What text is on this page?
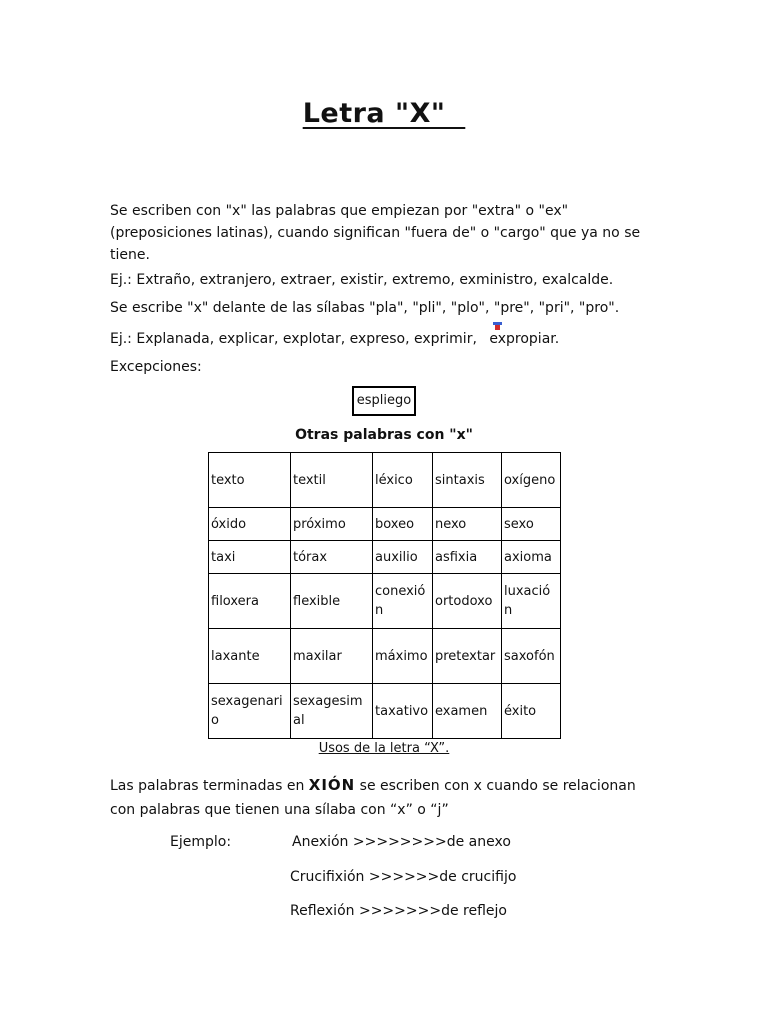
Letra "X"
Se escriben con "x" las palabras que empiezan por "extra" o "ex" (preposiciones latinas), cuando significan "fuera de" o "cargo" que ya no se tiene.
Ej.: Extraño, extranjero, extraer, existir, extremo, exministro, exalcalde.
Se escribe "x" delante de las sílabas "pla", "pli", "plo", "pre", "pri", "pro".
Ej.: Explanada, explicar, explotar, expreso, exprimir, expropiar.
Excepciones:
espliego
Otras palabras con "x"
texto	textil	léxico	sintaxis	oxígeno
óxido	próximo	boxeo	nexo	sexo
taxi	tórax	auxilio	asfixia	axioma
filoxera	flexible	conexión	ortodoxo	luxación
laxante	maxilar	máximo	pretextar	saxofón
sexagenario	sexagesimal	taxativo	examen	éxito
Usos de la letra “X”.
Las palabras terminadas en XIÓN se escriben con x cuando se relacionan con palabras que tienen una sílaba con “x” o “j”
Ejemplo:	Anexión >>>>>>>>de anexo
Crucifixión >>>>>>de crucifijo
Reflexión >>>>>>>de reflejo
